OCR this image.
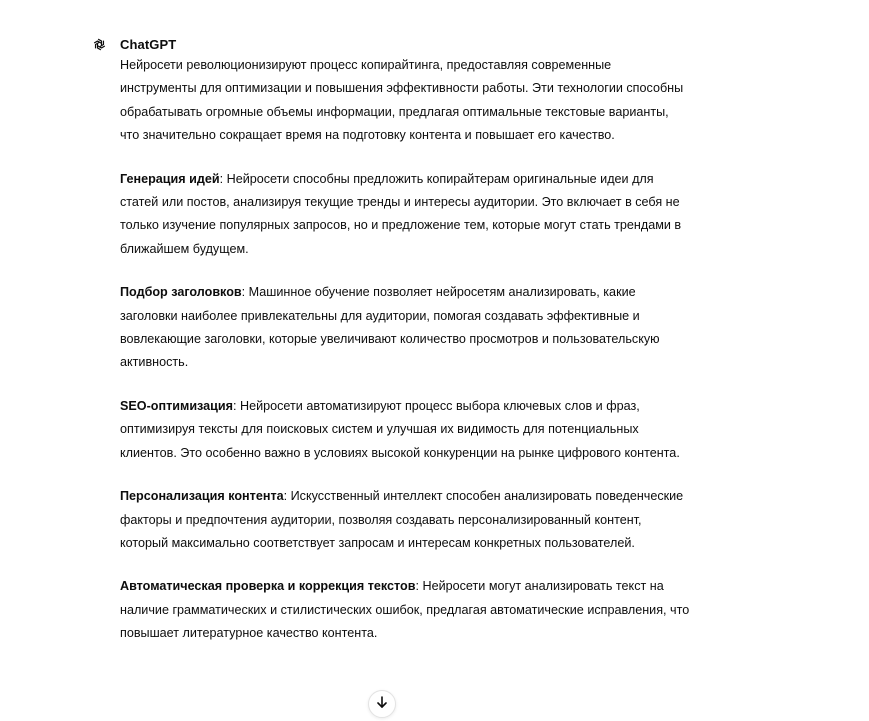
ChatGPT

Нейросети революционизируют процесс копирайтинга, предоставляя современные инструменты для оптимизации и повышения эффективности работы. Эти технологии способны обрабатывать огромные объемы информации, предлагая оптимальные текстовые варианты, что значительно сокращает время на подготовку контента и повышает его качество.

Генерация идей: Нейросети способны предложить копирайтерам оригинальные идеи для статей или постов, анализируя текущие тренды и интересы аудитории. Это включает в себя не только изучение популярных запросов, но и предложение тем, которые могут стать трендами в ближайшем будущем.

Подбор заголовков: Машинное обучение позволяет нейросетям анализировать, какие заголовки наиболее привлекательны для аудитории, помогая создавать эффективные и вовлекающие заголовки, которые увеличивают количество просмотров и пользовательскую активность.

SEO-оптимизация: Нейросети автоматизируют процесс выбора ключевых слов и фраз, оптимизируя тексты для поисковых систем и улучшая их видимость для потенциальных клиентов. Это особенно важно в условиях высокой конкуренции на рынке цифрового контента.

Персонализация контента: Искусственный интеллект способен анализировать поведенческие факторы и предпочтения аудитории, позволяя создавать персонализированный контент, который максимально соответствует запросам и интересам конкретных пользователей.

Автоматическая проверка и коррекция текстов: Нейросети могут анализировать текст на наличие грамматических и стилистических ошибок, предлагая автоматические исправления, что повышает литературное качество контента.
